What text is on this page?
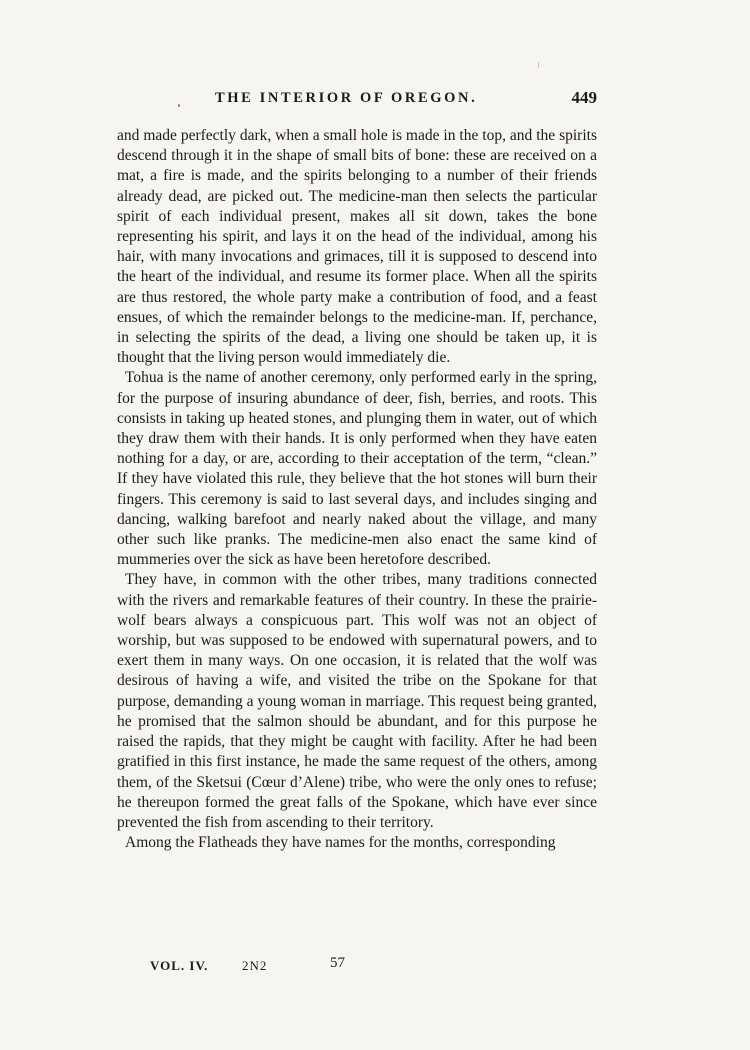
THE INTERIOR OF OREGON.	449

and made perfectly dark, when a small hole is made in the top, and the spirits descend through it in the shape of small bits of bone: these are received on a mat, a fire is made, and the spirits belonging to a number of their friends already dead, are picked out. The medicine-man then selects the particular spirit of each individual present, makes all sit down, takes the bone representing his spirit, and lays it on the head of the individual, among his hair, with many invocations and grimaces, till it is supposed to descend into the heart of the individual, and resume its former place. When all the spirits are thus restored, the whole party make a contribution of food, and a feast ensues, of which the remainder belongs to the medicine-man. If, perchance, in selecting the spirits of the dead, a living one should be taken up, it is thought that the living person would immediately die.

Tohua is the name of another ceremony, only performed early in the spring, for the purpose of insuring abundance of deer, fish, berries, and roots. This consists in taking up heated stones, and plunging them in water, out of which they draw them with their hands. It is only performed when they have eaten nothing for a day, or are, according to their acceptation of the term, “clean.” If they have violated this rule, they believe that the hot stones will burn their fingers. This ceremony is said to last several days, and includes singing and dancing, walking barefoot and nearly naked about the village, and many other such like pranks. The medicine-men also enact the same kind of mummeries over the sick as have been heretofore described.

They have, in common with the other tribes, many traditions connected with the rivers and remarkable features of their country. In these the prairie-wolf bears always a conspicuous part. This wolf was not an object of worship, but was supposed to be endowed with supernatural powers, and to exert them in many ways. On one occasion, it is related that the wolf was desirous of having a wife, and visited the tribe on the Spokane for that purpose, demanding a young woman in marriage. This request being granted, he promised that the salmon should be abundant, and for this purpose he raised the rapids, that they might be caught with facility. After he had been gratified in this first instance, he made the same request of the others, among them, of the Sketsui (Cœur d’Alene) tribe, who were the only ones to refuse; he thereupon formed the great falls of the Spokane, which have ever since prevented the fish from ascending to their territory.

Among the Flatheads they have names for the months, corresponding

VOL. IV.	2N2	57
